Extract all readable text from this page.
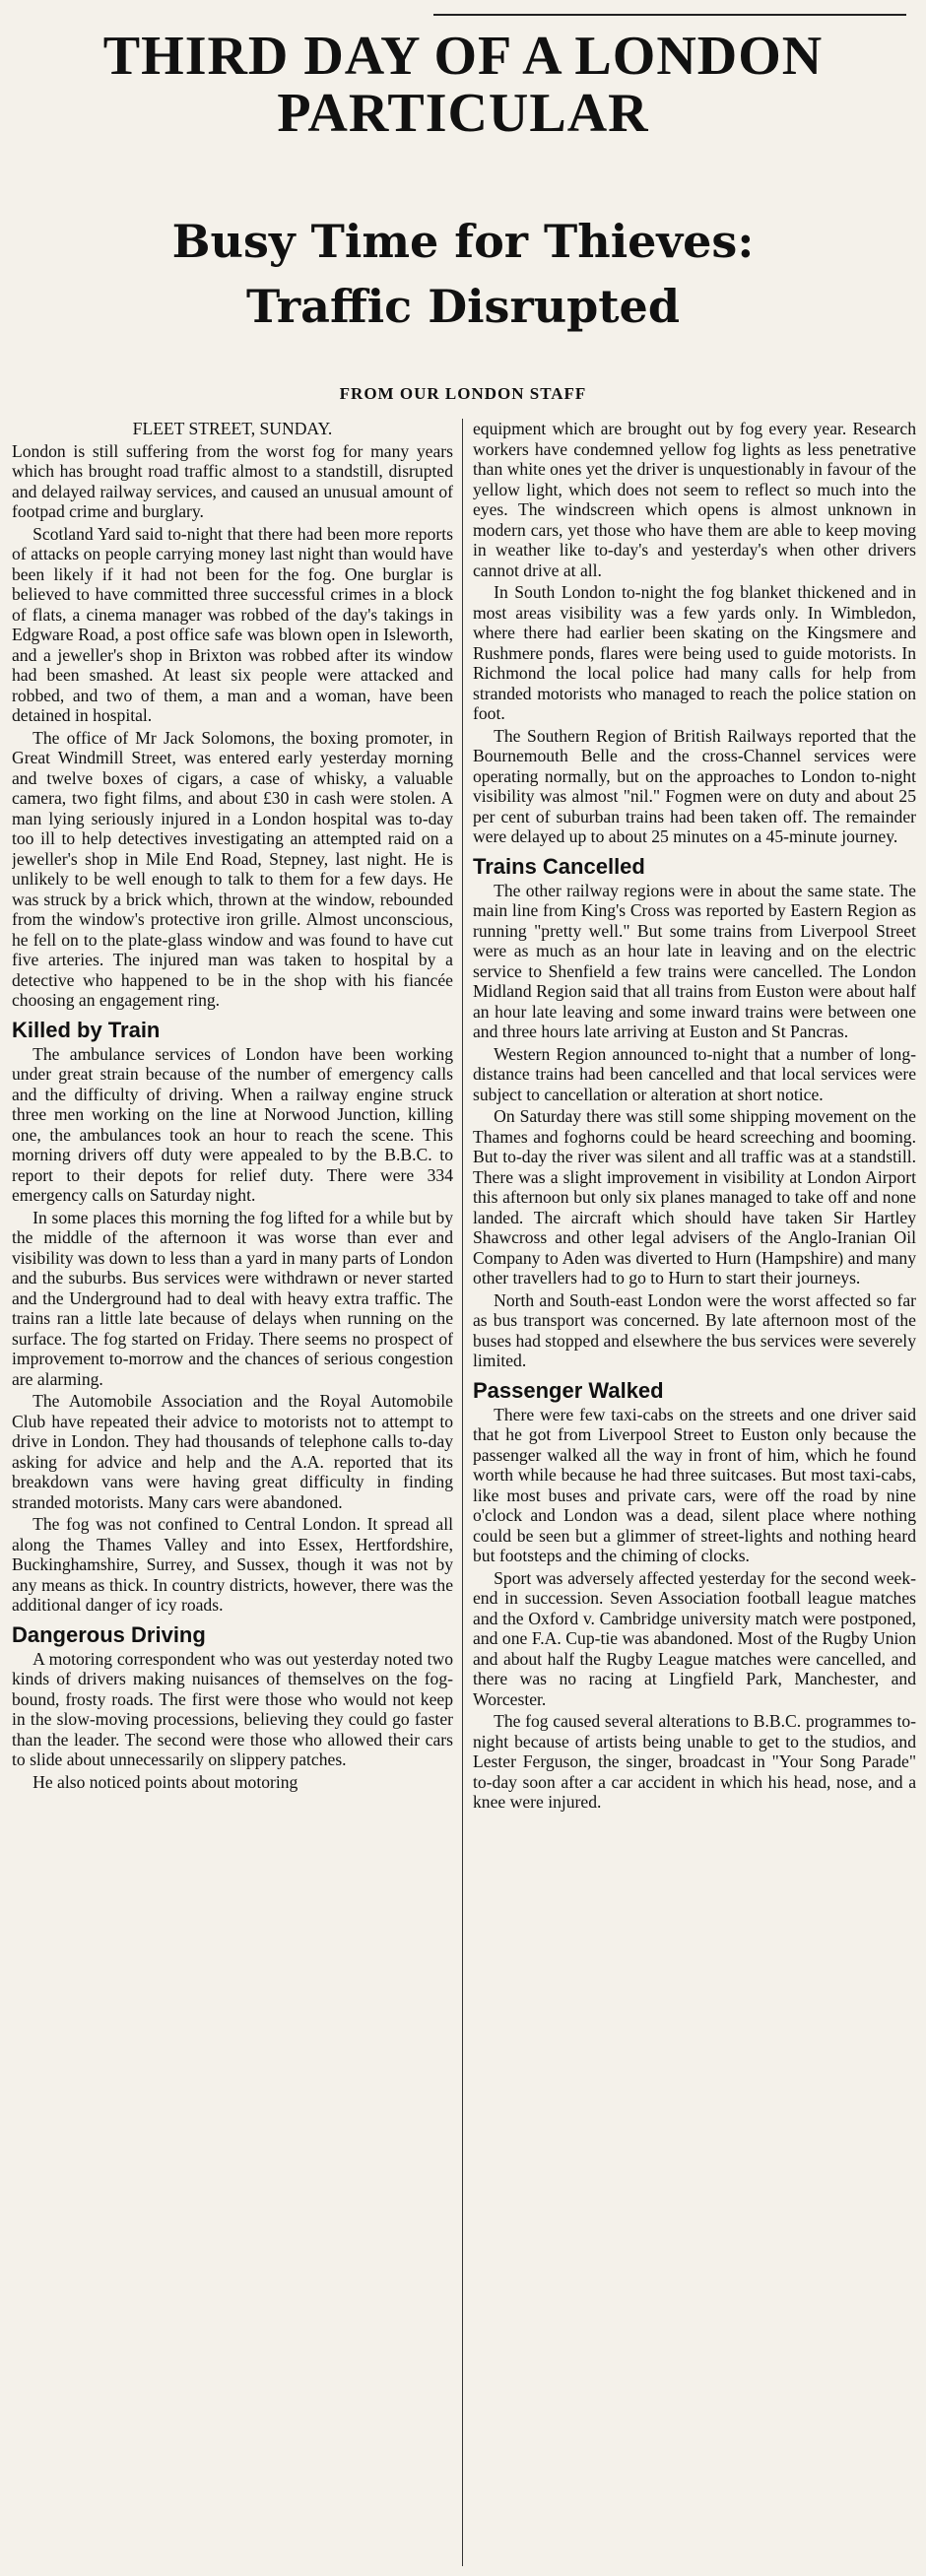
THIRD DAY OF A LONDON
PARTICULAR
Busy Time for Thieves:
Traffic Disrupted
FROM OUR LONDON STAFF
FLEET STREET, SUNDAY.

London is still suffering from the worst fog for many years which has brought road traffic almost to a standstill, disrupted and delayed railway services, and caused an unusual amount of footpad crime and burglary.

Scotland Yard said to-night that there had been more reports of attacks on people carrying money last night than would have been likely if it had not been for the fog. One burglar is believed to have committed three successful crimes in a block of flats, a cinema manager was robbed of the day's takings in Edgware Road, a post office safe was blown open in Isleworth, and a jeweller's shop in Brixton was robbed after its window had been smashed. At least six people were attacked and robbed, and two of them, a man and a woman, have been detained in hospital.

The office of Mr Jack Solomons, the boxing promoter, in Great Windmill Street, was entered early yesterday morning and twelve boxes of cigars, a case of whisky, a valuable camera, two fight films, and about £30 in cash were stolen. A man lying seriously injured in a London hospital was to-day too ill to help detectives investigating an attempted raid on a jeweller's shop in Mile End Road, Stepney, last night. He is unlikely to be well enough to talk to them for a few days. He was struck by a brick which, thrown at the window, rebounded from the window's protective iron grille. Almost unconscious, he fell on to the plate-glass window and was found to have cut five arteries. The injured man was taken to hospital by a detective who happened to be in the shop with his fiancée choosing an engagement ring.

Killed by Train

The ambulance services of London have been working under great strain because of the number of emergency calls and the difficulty of driving. When a railway engine struck three men working on the line at Norwood Junction, killing one, the ambulances took an hour to reach the scene. This morning drivers off duty were appealed to by the B.B.C. to report to their depots for relief duty. There were 334 emergency calls on Saturday night.

In some places this morning the fog lifted for a while but by the middle of the afternoon it was worse than ever and visibility was down to less than a yard in many parts of London and the suburbs. Bus services were withdrawn or never started and the Underground had to deal with heavy extra traffic. The trains ran a little late because of delays when running on the surface. The fog started on Friday. There seems no prospect of improvement to-morrow and the chances of serious congestion are alarming.

The Automobile Association and the Royal Automobile Club have repeated their advice to motorists not to attempt to drive in London. They had thousands of telephone calls to-day asking for advice and help and the A.A. reported that its breakdown vans were having great difficulty in finding stranded motorists. Many cars were abandoned.

The fog was not confined to Central London. It spread all along the Thames Valley and into Essex, Hertfordshire, Buckinghamshire, Surrey, and Sussex, though it was not by any means as thick. In country districts, however, there was the additional danger of icy roads.

Dangerous Driving

A motoring correspondent who was out yesterday noted two kinds of drivers making nuisances of themselves on the fog-bound, frosty roads. The first were those who would not keep in the slow-moving processions, believing they could go faster than the leader. The second were those who allowed their cars to slide about unnecessarily on slippery patches.

He also noticed points about motoring

equipment which are brought out by fog every year. Research workers have condemned yellow fog lights as less penetrative than white ones yet the driver is unquestionably in favour of the yellow light, which does not seem to reflect so much into the eyes. The windscreen which opens is almost unknown in modern cars, yet those who have them are able to keep moving in weather like to-day's and yesterday's when other drivers cannot drive at all.

In South London to-night the fog blanket thickened and in most areas visibility was a few yards only. In Wimbledon, where there had earlier been skating on the Kingsmere and Rushmere ponds, flares were being used to guide motorists. In Richmond the local police had many calls for help from stranded motorists who managed to reach the police station on foot.

The Southern Region of British Railways reported that the Bournemouth Belle and the cross-Channel services were operating normally, but on the approaches to London to-night visibility was almost "nil." Fogmen were on duty and about 25 per cent of suburban trains had been taken off. The remainder were delayed up to about 25 minutes on a 45-minute journey.

Trains Cancelled

The other railway regions were in about the same state. The main line from King's Cross was reported by Eastern Region as running "pretty well." But some trains from Liverpool Street were as much as an hour late in leaving and on the electric service to Shenfield a few trains were cancelled. The London Midland Region said that all trains from Euston were about half an hour late leaving and some inward trains were between one and three hours late arriving at Euston and St Pancras.

Western Region announced to-night that a number of long-distance trains had been cancelled and that local services were subject to cancellation or alteration at short notice.

On Saturday there was still some shipping movement on the Thames and foghorns could be heard screeching and booming. But to-day the river was silent and all traffic was at a standstill. There was a slight improvement in visibility at London Airport this afternoon but only six planes managed to take off and none landed. The aircraft which should have taken Sir Hartley Shawcross and other legal advisers of the Anglo-Iranian Oil Company to Aden was diverted to Hurn (Hampshire) and many other travellers had to go to Hurn to start their journeys.

North and South-east London were the worst affected so far as bus transport was concerned. By late afternoon most of the buses had stopped and elsewhere the bus services were severely limited.

Passenger Walked

There were few taxi-cabs on the streets and one driver said that he got from Liverpool Street to Euston only because the passenger walked all the way in front of him, which he found worth while because he had three suitcases. But most taxi-cabs, like most buses and private cars, were off the road by nine o'clock and London was a dead, silent place where nothing could be seen but a glimmer of street-lights and nothing heard but footsteps and the chiming of clocks.

Sport was adversely affected yesterday for the second week-end in succession. Seven Association football league matches and the Oxford v. Cambridge university match were postponed, and one F.A. Cup-tie was abandoned. Most of the Rugby Union and about half the Rugby League matches were cancelled, and there was no racing at Lingfield Park, Manchester, and Worcester.

The fog caused several alterations to B.B.C. programmes to-night because of artists being unable to get to the studios, and Lester Ferguson, the singer, broadcast in "Your Song Parade" to-day soon after a car accident in which his head, nose, and a knee were injured.
